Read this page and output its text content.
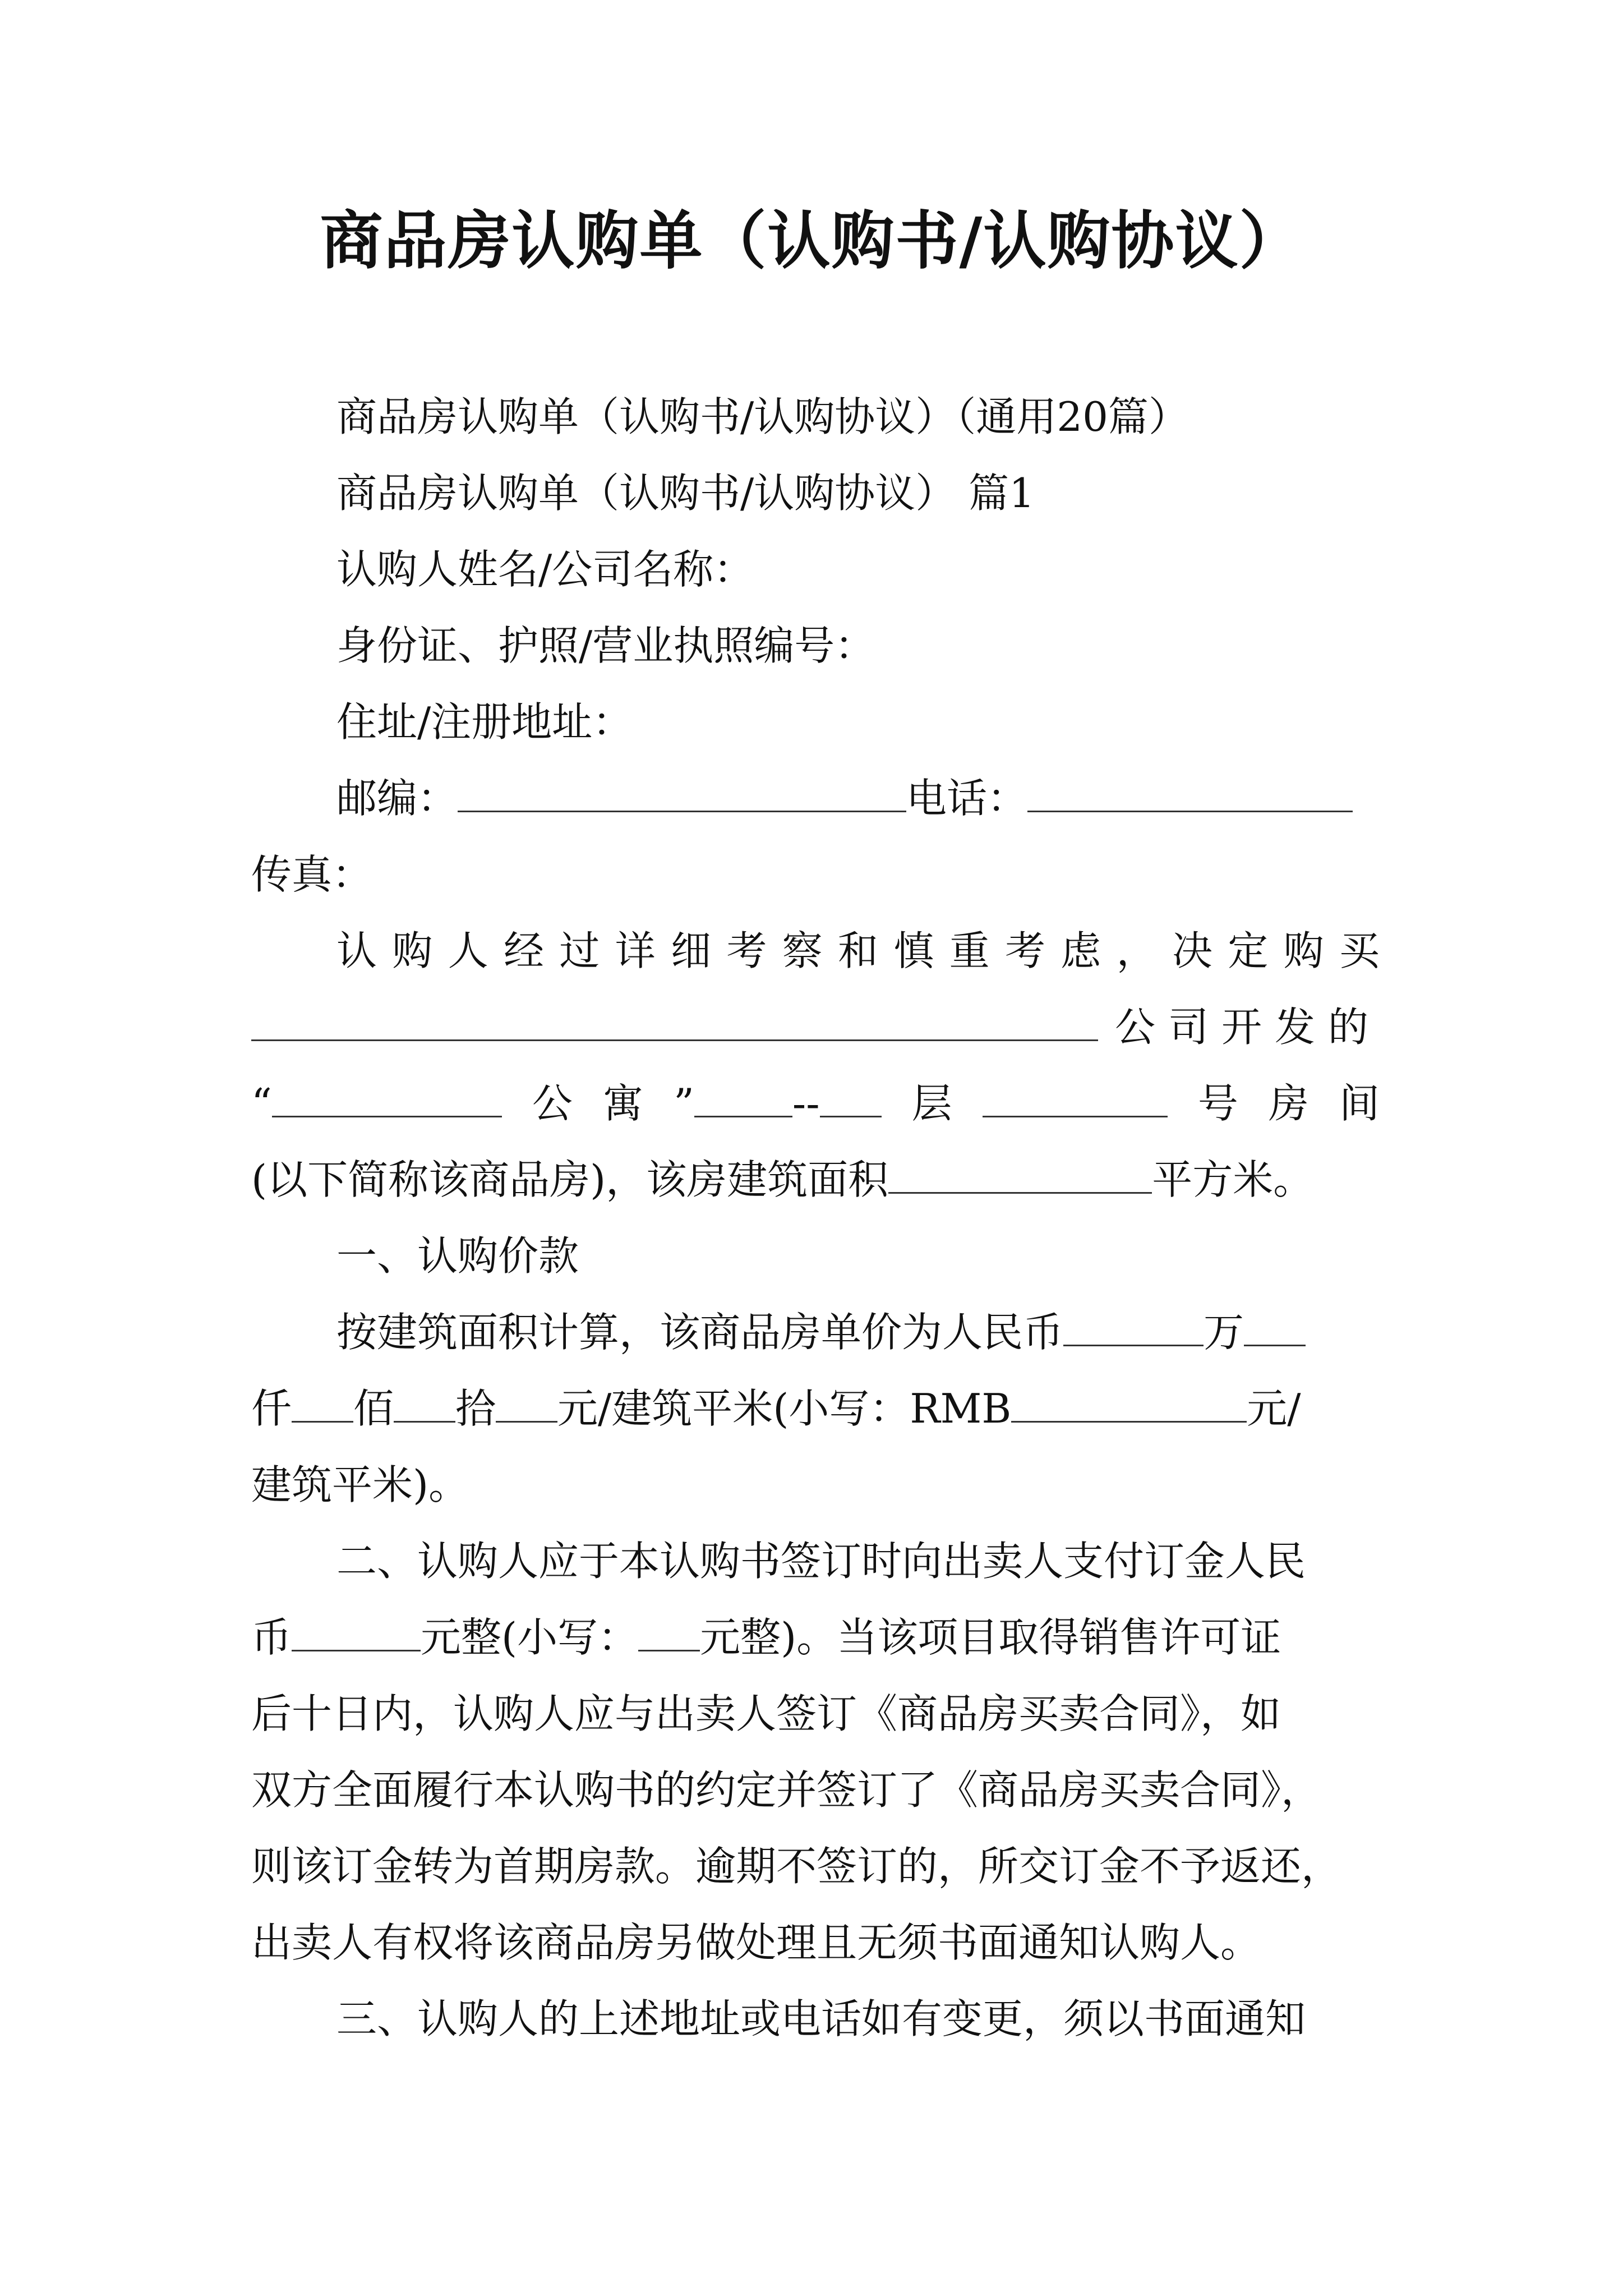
商品房认购单（认购书/认购协议）
商品房认购单（认购书/认购协议）（通用20篇）
商品房认购单（认购书/认购协议） 篇1
认购人姓名/公司名称：
身份证、护照/营业执照编号：
住址/注册地址：
邮编：	电话：
传真：
认购人经过详细考察和慎重考虑，决定购买
公司开发的
“	公寓” -- 层	号房间
(以下简称该商品房)，该房建筑面积	平方米。
一、认购价款
按建筑面积计算，该商品房单价为人民币	万
仟 佰 拾 元/建筑平米(小写：RMB	元/
建筑平米)。
二、认购人应于本认购书签订时向出卖人支付订金人民
币	元整(小写： 元整)。当该项目取得销售许可证
后十日内，认购人应与出卖人签订《商品房买卖合同》，如
双方全面履行本认购书的约定并签订了《商品房买卖合同》，
则该订金转为首期房款。逾期不签订的，所交订金不予返还，
出卖人有权将该商品房另做处理且无须书面通知认购人。
三、认购人的上述地址或电话如有变更，须以书面通知
